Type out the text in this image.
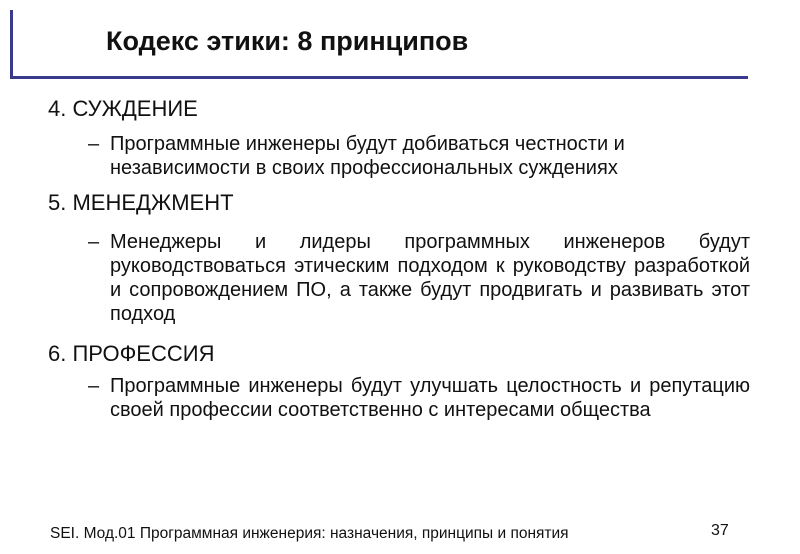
Кодекс этики: 8 принципов
4. СУЖДЕНИЕ
– Программные инженеры будут добиваться честности и независимости в своих профессиональных суждениях
5. МЕНЕДЖМЕНТ
– Менеджеры и лидеры программных инженеров будут руководствоваться этическим подходом к руководству разработкой и сопровождением ПО, а также будут продвигать и развивать этот подход
6. ПРОФЕССИЯ
– Программные инженеры будут улучшать целостность и репутацию своей профессии соответственно с интересами общества
SEI. Мод.01 Программная инженерия: назначения, принципы и понятия	37
